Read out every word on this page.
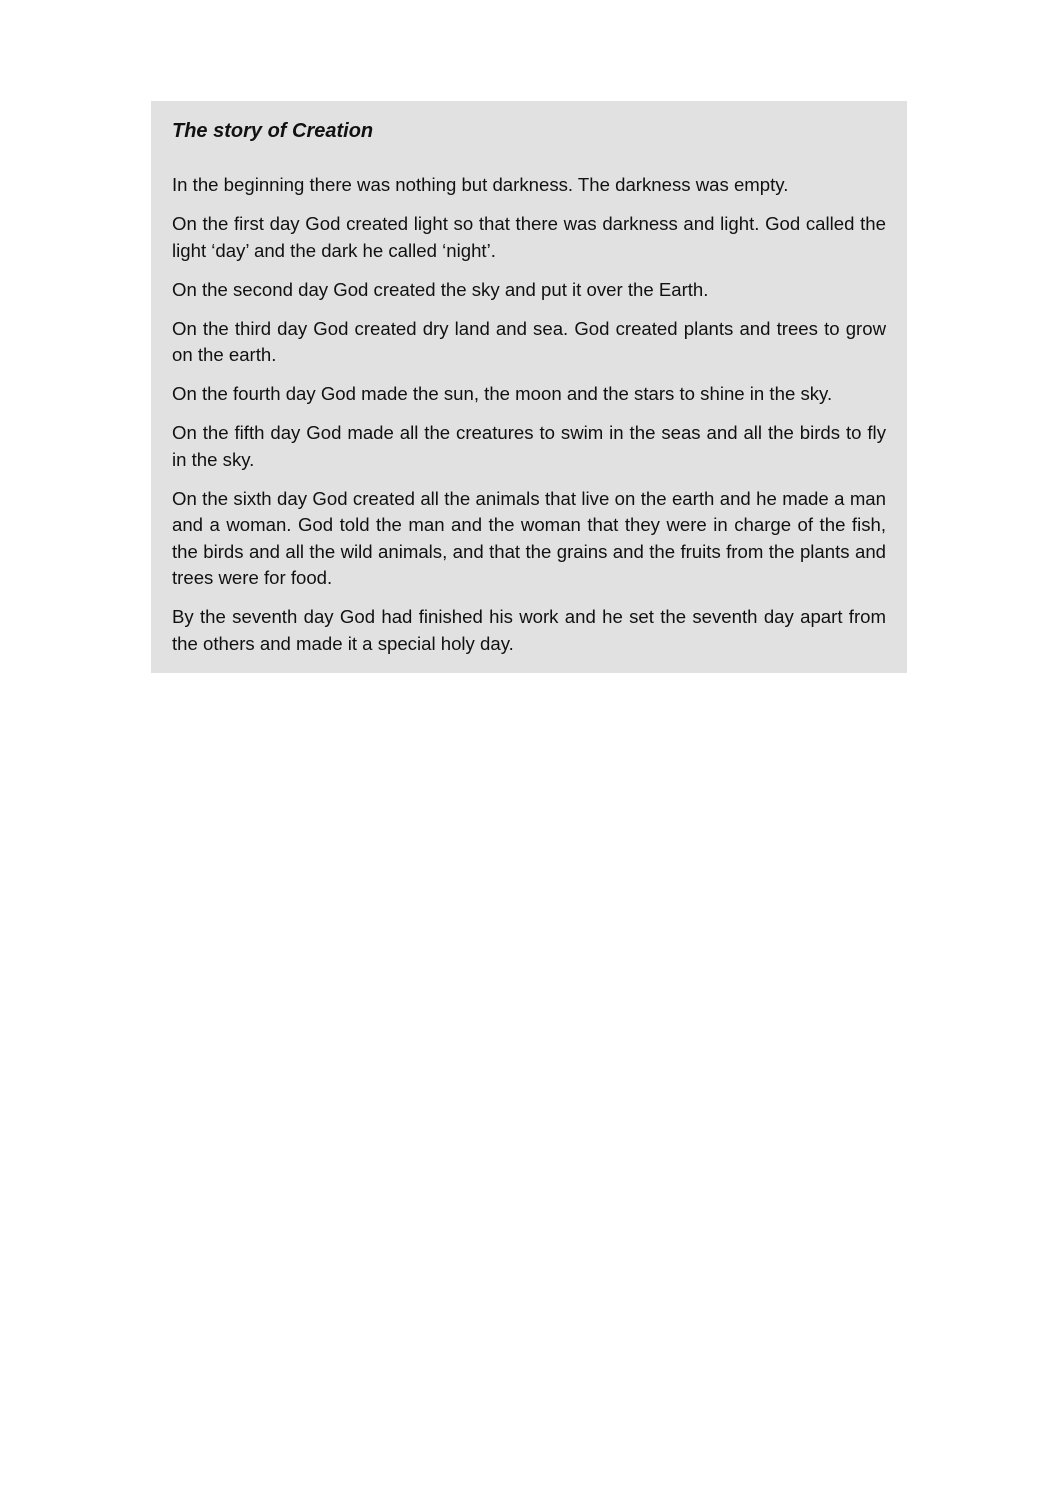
The story of Creation

In the beginning there was nothing but darkness. The darkness was empty.

On the first day God created light so that there was darkness and light. God called the light ‘day’ and the dark he called ‘night’.

On the second day God created the sky and put it over the Earth.

On the third day God created dry land and sea. God created plants and trees to grow on the earth.

On the fourth day God made the sun, the moon and the stars to shine in the sky.

On the fifth day God made all the creatures to swim in the seas and all the birds to fly in the sky.

On the sixth day God created all the animals that live on the earth and he made a man and a woman. God told the man and the woman that they were in charge of the fish, the birds and all the wild animals, and that the grains and the fruits from the plants and trees were for food.

By the seventh day God had finished his work and he set the seventh day apart from the others and made it a special holy day.
